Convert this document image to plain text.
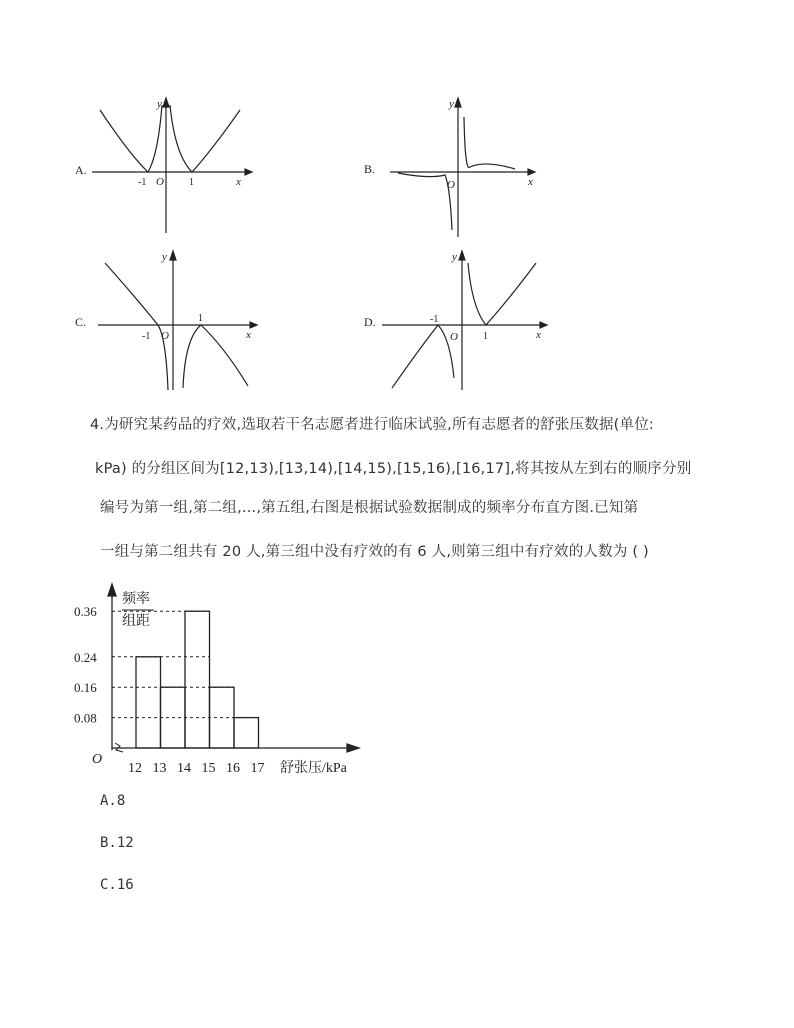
A.
-1 O	1	x
y
B.
O	x
y
C.
-1 O
1
x
y
D.	-1
O	1	x
y
4.为研究某药品的疗效,选取若干名志愿者进行临床试验,所有志愿者的舒张压数据(单位:
kPa) 的分组区间为[12,13),[13,14),[14,15),[15,16),[16,17],将其按从左到右的顺序分别
编号为第一组,第二组,...,第五组,右图是根据试验数据制成的频率分布直方图.已知第
一组与第二组共有 20 人,第三组中没有疗效的有 6 人,则第三组中有疗效的人数为 ( )
频率
组距
O
舒张压/kPa
0.08
0.16
0.24
0.36
12 13 14 15 16 17
A.8
B.12
C.16
